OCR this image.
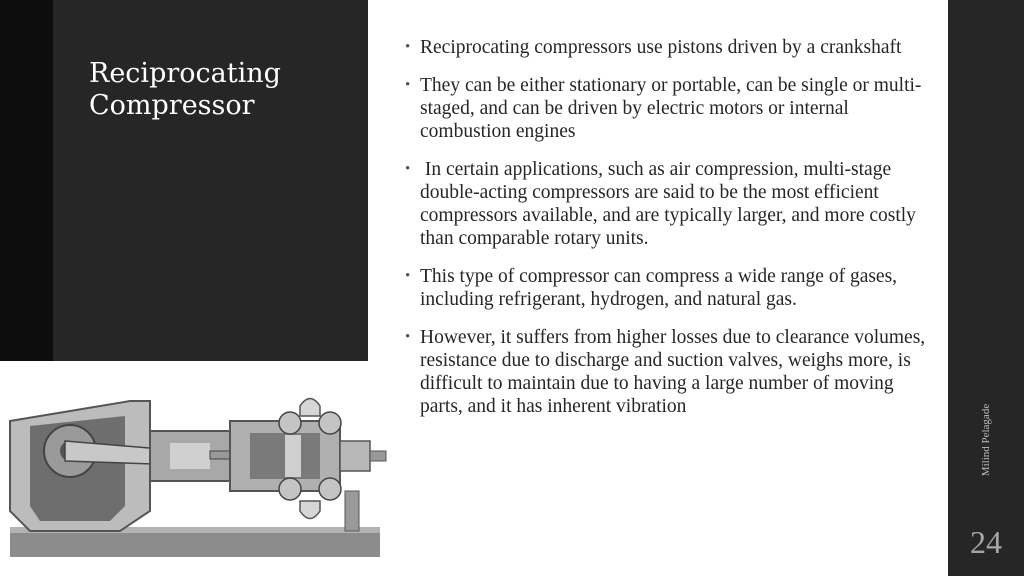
Reciprocating
Compressor
• Reciprocating compressors use pistons driven by a crankshaft
• They can be either stationary or portable, can be single or multi-staged, and can be driven by electric motors or internal combustion engines
• In certain applications, such as air compression, multi-stage double-acting compressors are said to be the most efficient compressors available, and are typically larger, and more costly than comparable rotary units.
• This type of compressor can compress a wide range of gases, including refrigerant, hydrogen, and natural gas.
• However, it suffers from higher losses due to clearance volumes, resistance due to discharge and suction valves, weighs more, is difficult to maintain due to having a large number of moving parts, and it has inherent vibration	Milind Pelagade
24
